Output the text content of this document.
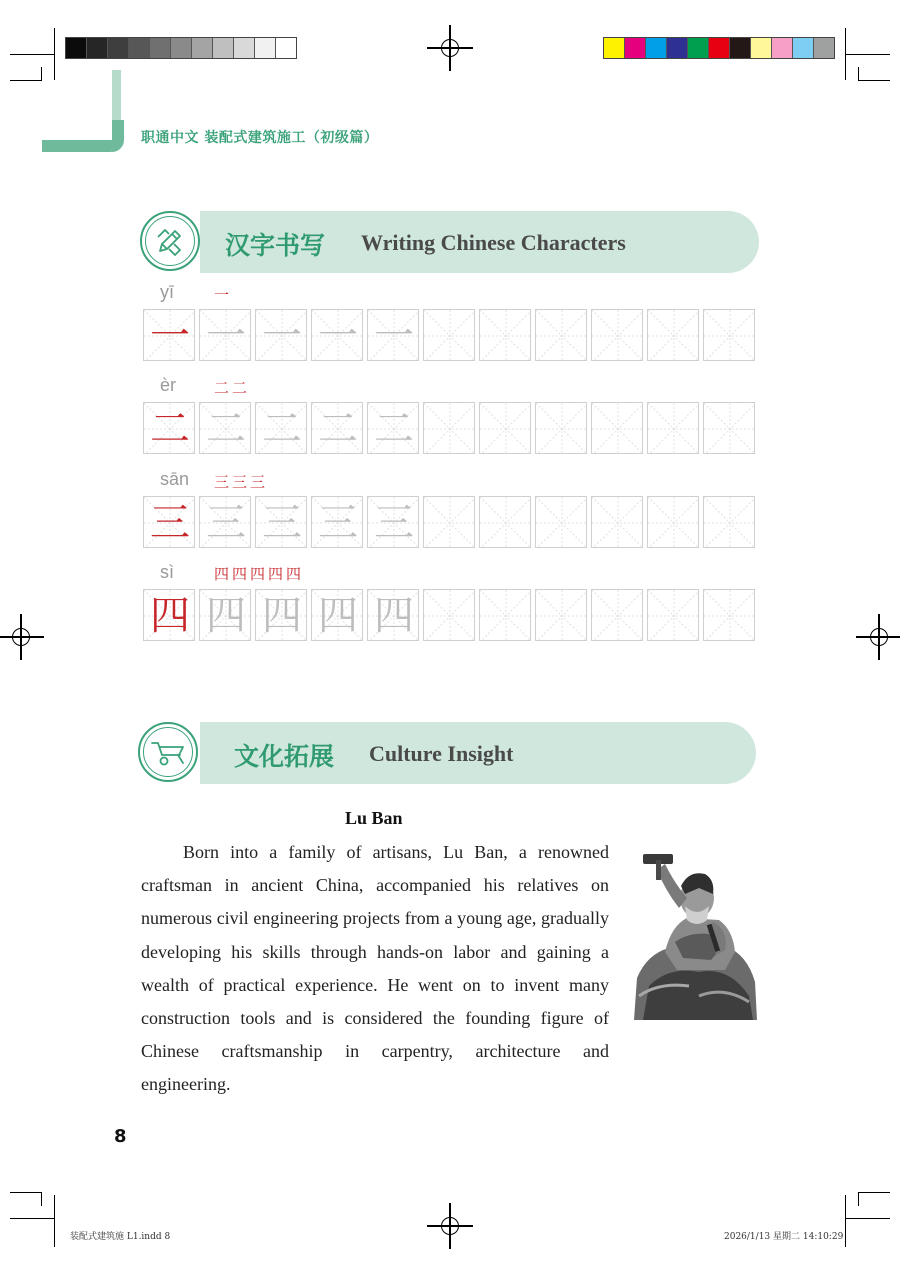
职通中文 装配式建筑施工（初级篇）
汉字书写 Writing Chinese Characters
yī	一
一 一 一 一 一
èr	二二
二 二 二 二 二
sān 三三三
三 三 三 三 三
sì	四四四四四
四 四 四 四 四
文化拓展 Culture Insight
Lu Ban

Born into a family of artisans, Lu Ban, a renowned craftsman in ancient China, accompanied his relatives on numerous civil engineering projects from a young age, gradually developing his skills through hands-on labor and gaining a wealth of practical experience. He went on to invent many construction tools and is considered the founding figure of Chinese craftsmanship in carpentry, architecture and engineering.

8
装配式建筑施 L1.indd 8	2026/1/13 星期二 14:10:29
